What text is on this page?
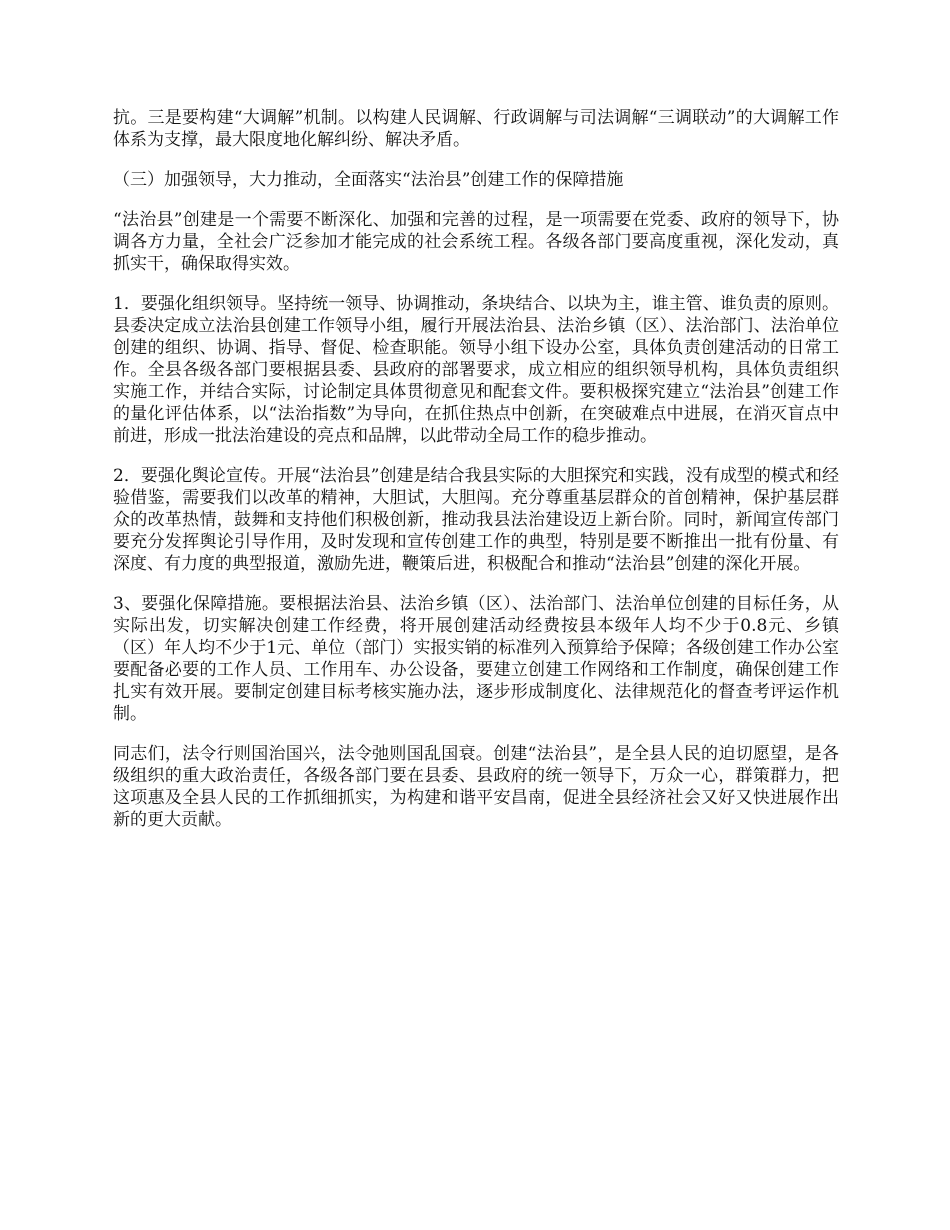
抗。三是要构建“大调解”机制。以构建人民调解、行政调解与司法调解“三调联动”的大调解工作体系为支撑，最大限度地化解纠纷、解决矛盾。

（三）加强领导，大力推动，全面落实“法治县”创建工作的保障措施

“法治县”创建是一个需要不断深化、加强和完善的过程，是一项需要在党委、政府的领导下，协调各方力量，全社会广泛参加才能完成的社会系统工程。各级各部门要高度重视，深化发动，真抓实干，确保取得实效。

1．要强化组织领导。坚持统一领导、协调推动，条块结合、以块为主，谁主管、谁负责的原则。县委决定成立法治县创建工作领导小组，履行开展法治县、法治乡镇（区）、法治部门、法治单位创建的组织、协调、指导、督促、检查职能。领导小组下设办公室，具体负责创建活动的日常工作。全县各级各部门要根据县委、县政府的部署要求，成立相应的组织领导机构，具体负责组织实施工作，并结合实际，讨论制定具体贯彻意见和配套文件。要积极探究建立“法治县”创建工作的量化评估体系，以“法治指数”为导向，在抓住热点中创新，在突破难点中进展，在消灭盲点中前进，形成一批法治建设的亮点和品牌，以此带动全局工作的稳步推动。

2．要强化舆论宣传。开展“法治县”创建是结合我县实际的大胆探究和实践，没有成型的模式和经验借鉴，需要我们以改革的精神，大胆试，大胆闯。充分尊重基层群众的首创精神，保护基层群众的改革热情，鼓舞和支持他们积极创新，推动我县法治建设迈上新台阶。同时，新闻宣传部门要充分发挥舆论引导作用，及时发现和宣传创建工作的典型，特别是要不断推出一批有份量、有深度、有力度的典型报道，激励先进，鞭策后进，积极配合和推动“法治县”创建的深化开展。

3、要强化保障措施。要根据法治县、法治乡镇（区）、法治部门、法治单位创建的目标任务，从实际出发，切实解决创建工作经费，将开展创建活动经费按县本级年人均不少于0.8元、乡镇（区）年人均不少于1元、单位（部门）实报实销的标准列入预算给予保障；各级创建工作办公室要配备必要的工作人员、工作用车、办公设备，要建立创建工作网络和工作制度，确保创建工作扎实有效开展。要制定创建目标考核实施办法，逐步形成制度化、法律规范化的督查考评运作机制。

同志们，法令行则国治国兴，法令弛则国乱国衰。创建“法治县”，是全县人民的迫切愿望，是各级组织的重大政治责任，各级各部门要在县委、县政府的统一领导下，万众一心，群策群力，把这项惠及全县人民的工作抓细抓实，为构建和谐平安昌南，促进全县经济社会又好又快进展作出新的更大贡献。
